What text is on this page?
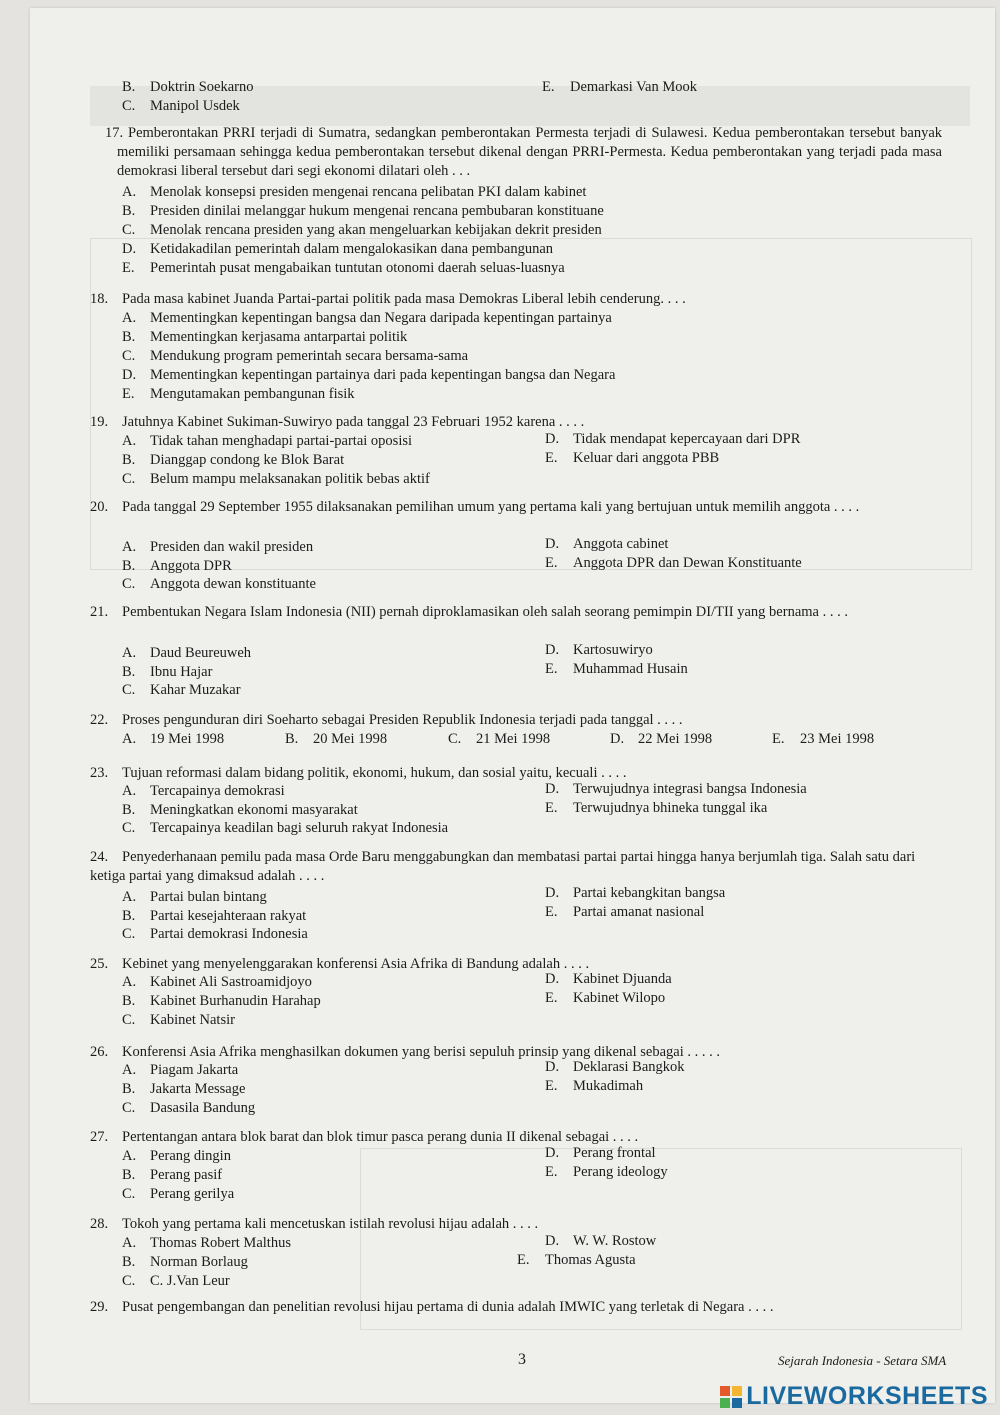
B. Doktrin Soekarno
C. Manipol Usdek
E. Demarkasi Van Mook
17. Pemberontakan PRRI terjadi di Sumatra, sedangkan pemberontakan Permesta terjadi di Sulawesi. Kedua pemberontakan tersebut banyak memiliki persamaan sehingga kedua pemberontakan tersebut dikenal dengan PRRI-Permesta. Kedua pemberontakan yang terjadi pada masa demokrasi liberal tersebut dari segi ekonomi dilatari oleh . . .
A. Menolak konsepsi presiden mengenai rencana pelibatan PKI dalam kabinet
B. Presiden dinilai melanggar hukum mengenai rencana pembubaran konstituane
C. Menolak rencana presiden yang akan mengeluarkan kebijakan dekrit presiden
D. Ketidakadilan pemerintah dalam mengalokasikan dana pembangunan
E. Pemerintah pusat mengabaikan tuntutan otonomi daerah seluas-luasnya
18. Pada masa kabinet Juanda Partai-partai politik pada masa Demokras Liberal lebih cenderung. . . .
A. Mementingkan kepentingan bangsa dan Negara daripada kepentingan partainya
B. Mementingkan kerjasama antarpartai politik
C. Mendukung program pemerintah secara bersama-sama
D. Mementingkan kepentingan partainya dari pada kepentingan bangsa dan Negara
E. Mengutamakan pembangunan fisik
19. Jatuhnya Kabinet Sukiman-Suwiryo pada tanggal 23 Februari 1952 karena . . . .
A. Tidak tahan menghadapi partai-partai oposisi
B. Dianggap condong ke Blok Barat
C. Belum mampu melaksanakan politik bebas aktif
D. Tidak mendapat kepercayaan dari DPR
E. Keluar dari anggota PBB
20. Pada tanggal 29 September 1955 dilaksanakan pemilihan umum yang pertama kali yang bertujuan untuk memilih anggota . . . .
A. Presiden dan wakil presiden
B. Anggota DPR
C. Anggota dewan konstituante
D. Anggota cabinet
E. Anggota DPR dan Dewan Konstituante
21. Pembentukan Negara Islam Indonesia (NII) pernah diproklamasikan oleh salah seorang pemimpin DI/TII yang bernama . . . .
A. Daud Beureuweh
B. Ibnu Hajar
C. Kahar Muzakar
D. Kartosuwiryo
E. Muhammad Husain
22. Proses pengunduran diri Soeharto sebagai Presiden Republik Indonesia terjadi pada tanggal . . . .
A. 19 Mei 1998	B. 20 Mei 1998	C. 21 Mei 1998	D. 22 Mei 1998	E. 23 Mei 1998
23. Tujuan reformasi dalam bidang politik, ekonomi, hukum, dan sosial yaitu, kecuali . . . .
A. Tercapainya demokrasi
B. Meningkatkan ekonomi masyarakat
C. Tercapainya keadilan bagi seluruh rakyat Indonesia
D. Terwujudnya integrasi bangsa Indonesia
E. Terwujudnya bhineka tunggal ika
24. Penyederhanaan pemilu pada masa Orde Baru menggabungkan dan membatasi partai partai hingga hanya berjumlah tiga. Salah satu dari ketiga partai yang dimaksud adalah . . . .
A. Partai bulan bintang
B. Partai kesejahteraan rakyat
C. Partai demokrasi Indonesia
D. Partai kebangkitan bangsa
E. Partai amanat nasional
25. Kebinet yang menyelenggarakan konferensi Asia Afrika di Bandung adalah . . . .
A. Kabinet Ali Sastroamidjoyo
B. Kabinet Burhanudin Harahap
C. Kabinet Natsir
D. Kabinet Djuanda
E. Kabinet Wilopo
26. Konferensi Asia Afrika menghasilkan dokumen yang berisi sepuluh prinsip yang dikenal sebagai . . . . .
A. Piagam Jakarta
B. Jakarta Message
C. Dasasila Bandung
D. Deklarasi Bangkok
E. Mukadimah
27. Pertentangan antara blok barat dan blok timur pasca perang dunia II dikenal sebagai . . . .
A. Perang dingin
B. Perang pasif
C. Perang gerilya
D. Perang frontal
E. Perang ideology
28. Tokoh yang pertama kali mencetuskan istilah revolusi hijau adalah . . . .
A. Thomas Robert Malthus
B. Norman Borlaug
C. C. J.Van Leur
D. W. W. Rostow
E. Thomas Agusta
29. Pusat pengembangan dan penelitian revolusi hijau pertama di dunia adalah IMWIC yang terletak di Negara . . . .
3	Sejarah Indonesia - Setara SMA
LIVEWORKSHEETS
